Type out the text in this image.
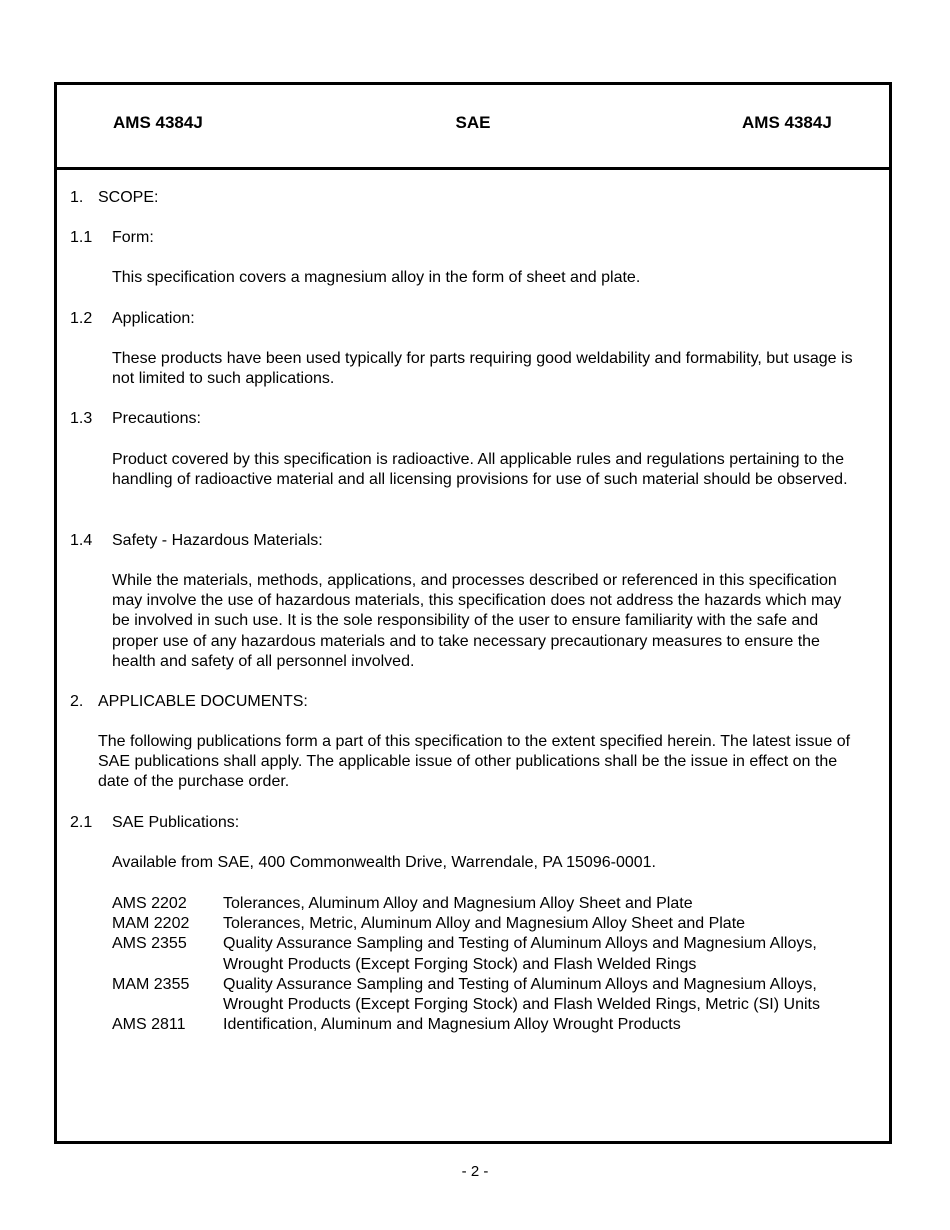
AMS 4384J	SAE	AMS 4384J
1. SCOPE:
1.1 Form:
This specification covers a magnesium alloy in the form of sheet and plate.
1.2 Application:
These products have been used typically for parts requiring good weldability and formability, but usage is not limited to such applications.
1.3 Precautions:
Product covered by this specification is radioactive. All applicable rules and regulations pertaining to the handling of radioactive material and all licensing provisions for use of such material should be observed.
1.4 Safety - Hazardous Materials:
While the materials, methods, applications, and processes described or referenced in this specification may involve the use of hazardous materials, this specification does not address the hazards which may be involved in such use. It is the sole responsibility of the user to ensure familiarity with the safe and proper use of any hazardous materials and to take necessary precautionary measures to ensure the health and safety of all personnel involved.
2. APPLICABLE DOCUMENTS:
The following publications form a part of this specification to the extent specified herein. The latest issue of SAE publications shall apply. The applicable issue of other publications shall be the issue in effect on the date of the purchase order.
2.1 SAE Publications:
Available from SAE, 400 Commonwealth Drive, Warrendale, PA 15096-0001.
AMS 2202	Tolerances, Aluminum Alloy and Magnesium Alloy Sheet and Plate
MAM 2202	Tolerances, Metric, Aluminum Alloy and Magnesium Alloy Sheet and Plate
AMS 2355	Quality Assurance Sampling and Testing of Aluminum Alloys and Magnesium Alloys, Wrought Products (Except Forging Stock) and Flash Welded Rings
MAM 2355	Quality Assurance Sampling and Testing of Aluminum Alloys and Magnesium Alloys, Wrought Products (Except Forging Stock) and Flash Welded Rings, Metric (SI) Units
AMS 2811	Identification, Aluminum and Magnesium Alloy Wrought Products
- 2 -
